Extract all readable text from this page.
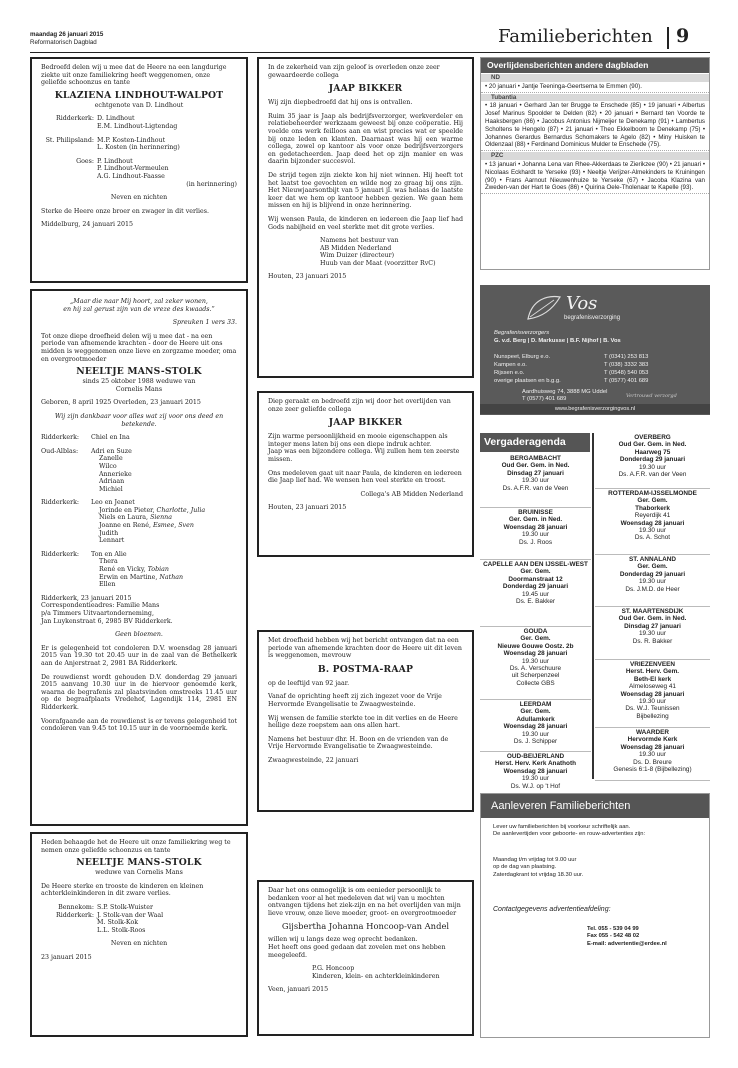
maandag 26 januari 2015
Reformatorisch Dagblad	Familieberichten 9

Bedroefd delen wij u mee dat de Heere na een langdurige ziekte uit onze familiekring heeft weggenomen, onze geliefde schoonzus en tante

KLAZIENA LINDHOUT-WALPOT

echtgenote van D. Lindhout

Ridderkerk: D. Lindhout

E.M. Lindhout-Ligtendag

St. Philipsland: M.P. Kosten-Lindhout

L. Kosten (in herinnering)

Goes: P. Lindhout

P. Lindhout-Vermeulen

A.G. Lindhout-Faasse

(in herinnering)

Neven en nichten

Sterke de Heere onze broer en zwager in dit verlies.

Middelburg, 24 januari 2015

„Maar die naar Mij hoort, zal zeker wonen,

en hij zal gerust zijn van de vreze des kwaads.”

Spreuken 1 vers 33.

Tot onze diepe droefheid delen wij u mee dat - na een periode van afnemende krachten - door de Heere uit ons midden is weggenomen onze lieve en zorgzame moeder, oma en overgrootmoeder

NEELTJE MANS-STOLK

sinds 25 oktober 1988 weduwe van

Cornelis Mans

Geboren, 8 april 1925 Overleden, 23 januari 2015

Wij zijn dankbaar voor alles wat zij voor ons deed en betekende.

Ridderkerk:	Chiel en Ina
Oud-Alblas:	Adri en Suze

Zanelle

Wilco

Annerieke

Adriaan

Michiel

Ridderkerk:	Leo en Jeanet

Jorinde en Pieter, Charlotte, Julia

Niels en Laura, Sienna

Joanne en René, Esmee, Sven

Judith

Lennart

Ridderkerk:	Ton en Alie

Thera

René en Vicky, Tobian

Erwin en Martine, Nathan

Ellen

Ridderkerk, 23 januari 2015
Correspondentieadres: Familie Mans
p/a Timmers Uitvaartonderneming,
Jan Luykenstraat 6, 2985 BV Ridderkerk.

Geen bloemen.

Er is gelegenheid tot condoleren D.V. woensdag 28 januari 2015 van 19.30 tot 20.45 uur in de zaal van de Bethelkerk aan de Anjerstraat 2, 2981 BA Ridderkerk.

De rouwdienst wordt gehouden D.V. donderdag 29 januari 2015 aanvang 10.30 uur in de hiervoor genoemde kerk, waarna de begrafenis zal plaatsvinden omstreeks 11.45 uur op de begraafplaats Vredehof, Lagendijk 114, 2981 EN Ridderkerk.

Voorafgaande aan de rouwdienst is er tevens gelegenheid tot condoleren van 9.45 tot 10.15 uur in de voornoemde kerk.

Heden behaagde het de Heere uit onze familiekring weg te nemen onze geliefde schoonzus en tante

NEELTJE MANS-STOLK

weduwe van Cornelis Mans

De Heere sterke en trooste de kinderen en kleinen achterkleinkinderen in dit zware verlies.

Bennekom: S.P. Stolk-Wuister
Ridderkerk: J. Stolk-van der Waal

M. Stolk-Kok

L.L. Stolk-Roos

Neven en nichten

23 januari 2015

In de zekerheid van zijn geloof is overleden onze zeer gewaardeerde collega

JAAP BIKKER

Wij zijn diepbedroefd dat hij ons is ontvallen.

Ruim 35 jaar is Jaap als bedrijfsverzorger, werkverdeler en relatiebeheerder werkzaam geweest bij onze coöperatie. Hij voelde ons werk feilloos aan en wist precies wat er speelde bij onze leden en klanten. Daarnaast was hij een warme collega, zowel op kantoor als voor onze bedrijfsverzorgers en gedetacheerden. Jaap deed het op zijn manier en was daarin bijzonder succesvol.

De strijd tegen zijn ziekte kon hij niet winnen. Hij heeft tot het laatst toe gevochten en wilde nog zo graag bij ons zijn. Het Nieuwjaarsontbijt van 5 januari jl. was helaas de laatste keer dat we hem op kantoor hebben gezien. We gaan hem missen en hij is blijvend in onze herinnering.

Wij wensen Paula, de kinderen en iedereen die Jaap lief had Gods nabijheid en veel sterkte met dit grote verlies.

Namens het bestuur van

AB Midden Nederland

Wim Duizer (directeur)

Huub van der Maat (voorzitter RvC)

Houten, 23 januari 2015

Diep geraakt en bedroefd zijn wij door het overlijden van onze zeer geliefde collega

JAAP BIKKER

Zijn warme persoonlijkheid en mooie eigenschappen als integer mens laten bij ons een diepe indruk achter.

Jaap was een bijzondere collega. Wij zullen hem ten zeerste missen.

Ons medeleven gaat uit naar Paula, de kinderen en iedereen die Jaap lief had. We wensen hen veel sterkte en troost.

Collega's AB Midden Nederland

Houten, 23 januari 2015

Met droefheid hebben wij het bericht ontvangen dat na een periode van afnemende krachten door de Heere uit dit leven is weggenomen, mevrouw

B. POSTMA-RAAP

op de leeftijd van 92 jaar.

Vanaf de oprichting heeft zij zich ingezet voor de Vrije Hervormde Evangelisatie te Zwaagwesteinde.

Wij wensen de familie sterkte toe in dit verlies en de Heere heilige deze roepstem aan ons allen hart.

Namens het bestuur dhr. H. Boon en de vrienden van de Vrije Hervormde Evangelisatie te Zwaagwesteinde.

Zwaagwesteinde, 22 januari

Daar het ons onmogelijk is om eenieder persoonlijk te bedanken voor al het medeleven dat wij van u mochten ontvangen tijdens het ziek-zijn en na het overlijden van mijn lieve vrouw, onze lieve moeder, groot- en overgrootmoeder

Gijsbertha Johanna Honcoop-van Andel

willen wij u langs deze weg oprecht bedanken.
Het heeft ons goed gedaan dat zovelen met ons hebben meegeleefd.

P.G. Honcoop

Kinderen, klein- en achterkleinkinderen

Veen, januari 2015

Overlijdensberichten andere dagbladen
ND
• 20 januari • Jantje Teeninga-Geertsema te Emmen (90).
Tubantia
• 18 januari • Gerhard Jan ter Brugge te Enschede (85) • 19 januari • Albertus Josef Marinus Spoolder te Delden (82) • 20 januari • Bernard ten Voorde te Haaksbergen (86) • Jacobus Antonius Nijmeijer te Denekamp (91) • Lambertus Scholtens te Hengelo (87) • 21 januari • Theo Ekkelboom te Denekamp (75) • Johannes Gerardus Bernardus Schomakers te Agelo (82) • Miny Huisken te Oldenzaal (88) • Ferdinand Dominicus Mulder te Enschede (75).
PZC
• 13 januari • Johanna Lena van Rhee-Akkerdaas te Zierikzee (90) • 21 januari • Nicolaas Eckhardt te Yerseke (93) • Neeltje Verijzer-Almekinders te Kruiningen (90) • Frans Aarnout Nieuwenhuize te Yerseke (67) • Jacoba Klazina van Zweden-van der Hart te Goes (86) • Quirina Oele-Tholenaar te Kapelle (93).
Vos
begrafenisverzorging
Begrafenisverzorgers
G. v.d. Berg | D. Markusse | B.F. Nijhof | B. Vos
Nunspeet, Elburg e.o.	T (0341) 253 813
Kampen e.o.	T (038) 3332 383
Rijssen e.o.	T (0548) 540 053
overige plaatsen en b.g.g.	T (0577) 401 689
Aardhuisweg 74, 3888 MG Uddel
T (0577) 401 689	Vertrouwd verzorgd
www.begrafenisverzorgingvos.nl
Vergaderagenda
BERGAMBACHT
Oud Ger. Gem. in Ned.
Dinsdag 27 januari
19.30 uur
Ds. A.F.R. van de Veen
BRUINISSE
Ger. Gem. in Ned.
Woensdag 28 januari
19.30 uur
Ds. J. Roos
CAPELLE AAN DEN IJSSEL-WEST
Ger. Gem.
Doormanstraat 12
Donderdag 29 januari
19.45 uur
Ds. E. Bakker
GOUDA
Ger. Gem.
Nieuwe Gouwe Oostz. 2b
Woensdag 28 januari
19.30 uur
Ds. A. Verschuure
uit Scherpenzeel
Collecte GBS
LEERDAM
Ger. Gem.
Adullamkerk
Woensdag 28 januari
19.30 uur
Ds. J. Schipper
OUD-BEIJERLAND
Herst. Herv. Kerk Anathoth
Woensdag 28 januari
19.30 uur
Ds. W.J. op 't Hof
OVERBERG
Oud Ger. Gem. in Ned.
Haarweg 75
Donderdag 29 januari
19.30 uur
Ds. A.F.R. van der Veen
ROTTERDAM-IJSSELMONDE
Ger. Gem.
Thaborkerk
Reyerdijk 41
Woensdag 28 januari
19.30 uur
Ds. A. Schot
ST. ANNALAND
Ger. Gem.
Donderdag 29 januari
19.30 uur
Ds. J.M.D. de Heer
ST. MAARTENSDIJK
Oud Ger. Gem. in Ned.
Dinsdag 27 januari
19.30 uur
Ds. R. Bakker
VRIEZENVEEN
Herst. Herv. Gem.
Beth-El kerk
Almeloseweg 41
Woensdag 28 januari
19.30 uur
Ds. W.J. Teunissen
Bijbellezing
WAARDER
Hervormde Kerk
Woensdag 28 januari
19.30 uur
Ds. D. Breure
Genesis 6:1-8 (Bijbellezing)
Aanleveren Familieberichten

Lever uw familieberichten bij voorkeur schriftelijk aan.

De aanlevertijden voor geboorte- en rouw-advertenties zijn:

Maandag t/m vrijdag tot 9.00 uur

op de dag van plaatsing.

Zaterdagkrant tot vrijdag 18.30 uur.

Contactgegevens advertentieafdeling:

Tel. 055 - 539 04 99

Fax 055 - 542 48 02

E-mail: advertentie@erdee.nl
